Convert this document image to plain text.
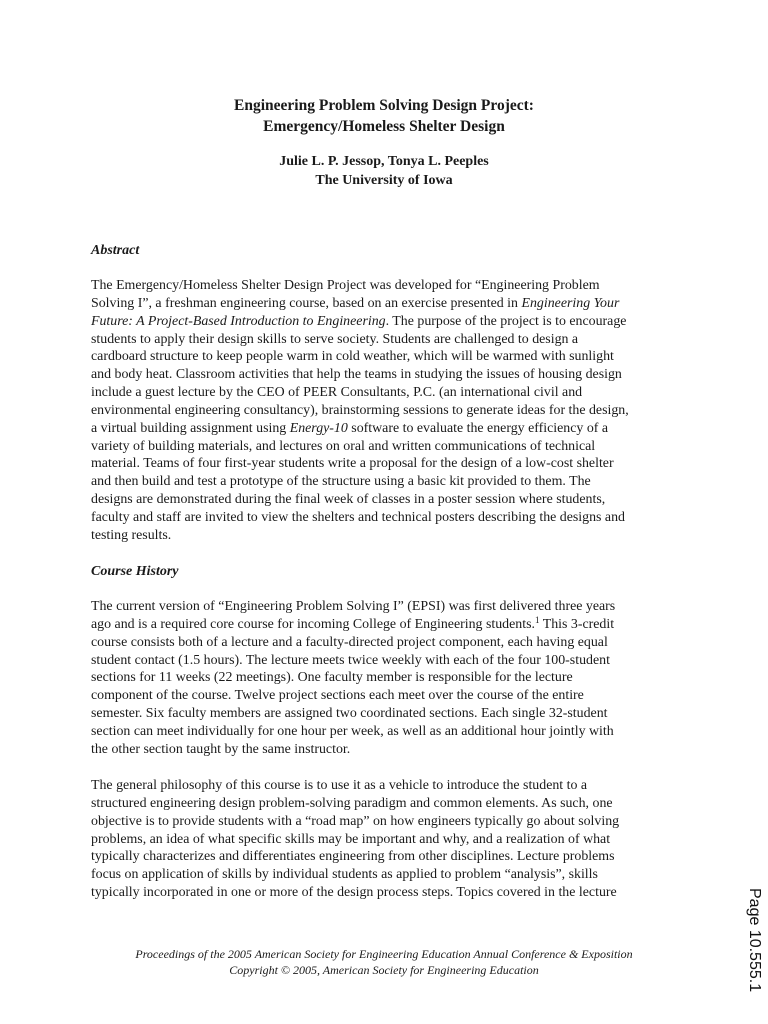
Engineering Problem Solving Design Project:
Emergency/Homeless Shelter Design
Julie L. P. Jessop, Tonya L. Peeples
The University of Iowa
Abstract
The Emergency/Homeless Shelter Design Project was developed for “Engineering Problem
Solving I”, a freshman engineering course, based on an exercise presented in Engineering Your
Future: A Project-Based Introduction to Engineering. The purpose of the project is to encourage
students to apply their design skills to serve society. Students are challenged to design a
cardboard structure to keep people warm in cold weather, which will be warmed with sunlight
and body heat. Classroom activities that help the teams in studying the issues of housing design
include a guest lecture by the CEO of PEER Consultants, P.C. (an international civil and
environmental engineering consultancy), brainstorming sessions to generate ideas for the design,
a virtual building assignment using Energy-10 software to evaluate the energy efficiency of a
variety of building materials, and lectures on oral and written communications of technical
material. Teams of four first-year students write a proposal for the design of a low-cost shelter
and then build and test a prototype of the structure using a basic kit provided to them. The
designs are demonstrated during the final week of classes in a poster session where students,
faculty and staff are invited to view the shelters and technical posters describing the designs and
testing results.
Course History
The current version of “Engineering Problem Solving I” (EPSI) was first delivered three years
ago and is a required core course for incoming College of Engineering students.$^1$ This 3-credit
course consists both of a lecture and a faculty-directed project component, each having equal
student contact (1.5 hours). The lecture meets twice weekly with each of the four 100-student
sections for 11 weeks (22 meetings). One faculty member is responsible for the lecture
component of the course. Twelve project sections each meet over the course of the entire
semester. Six faculty members are assigned two coordinated sections. Each single 32-student
section can meet individually for one hour per week, as well as an additional hour jointly with
the other section taught by the same instructor.
The general philosophy of this course is to use it as a vehicle to introduce the student to a
structured engineering design problem-solving paradigm and common elements. As such, one
objective is to provide students with a “road map” on how engineers typically go about solving
problems, an idea of what specific skills may be important and why, and a realization of what
typically characterizes and differentiates engineering from other disciplines. Lecture problems
focus on application of skills by individual students as applied to problem “analysis”, skills
typically incorporated in one or more of the design process steps. Topics covered in the lecture
Proceedings of the 2005 American Society for Engineering Education Annual Conference & Exposition
Copyright © 2005, American Society for Engineering Education	Page 10.555.1
